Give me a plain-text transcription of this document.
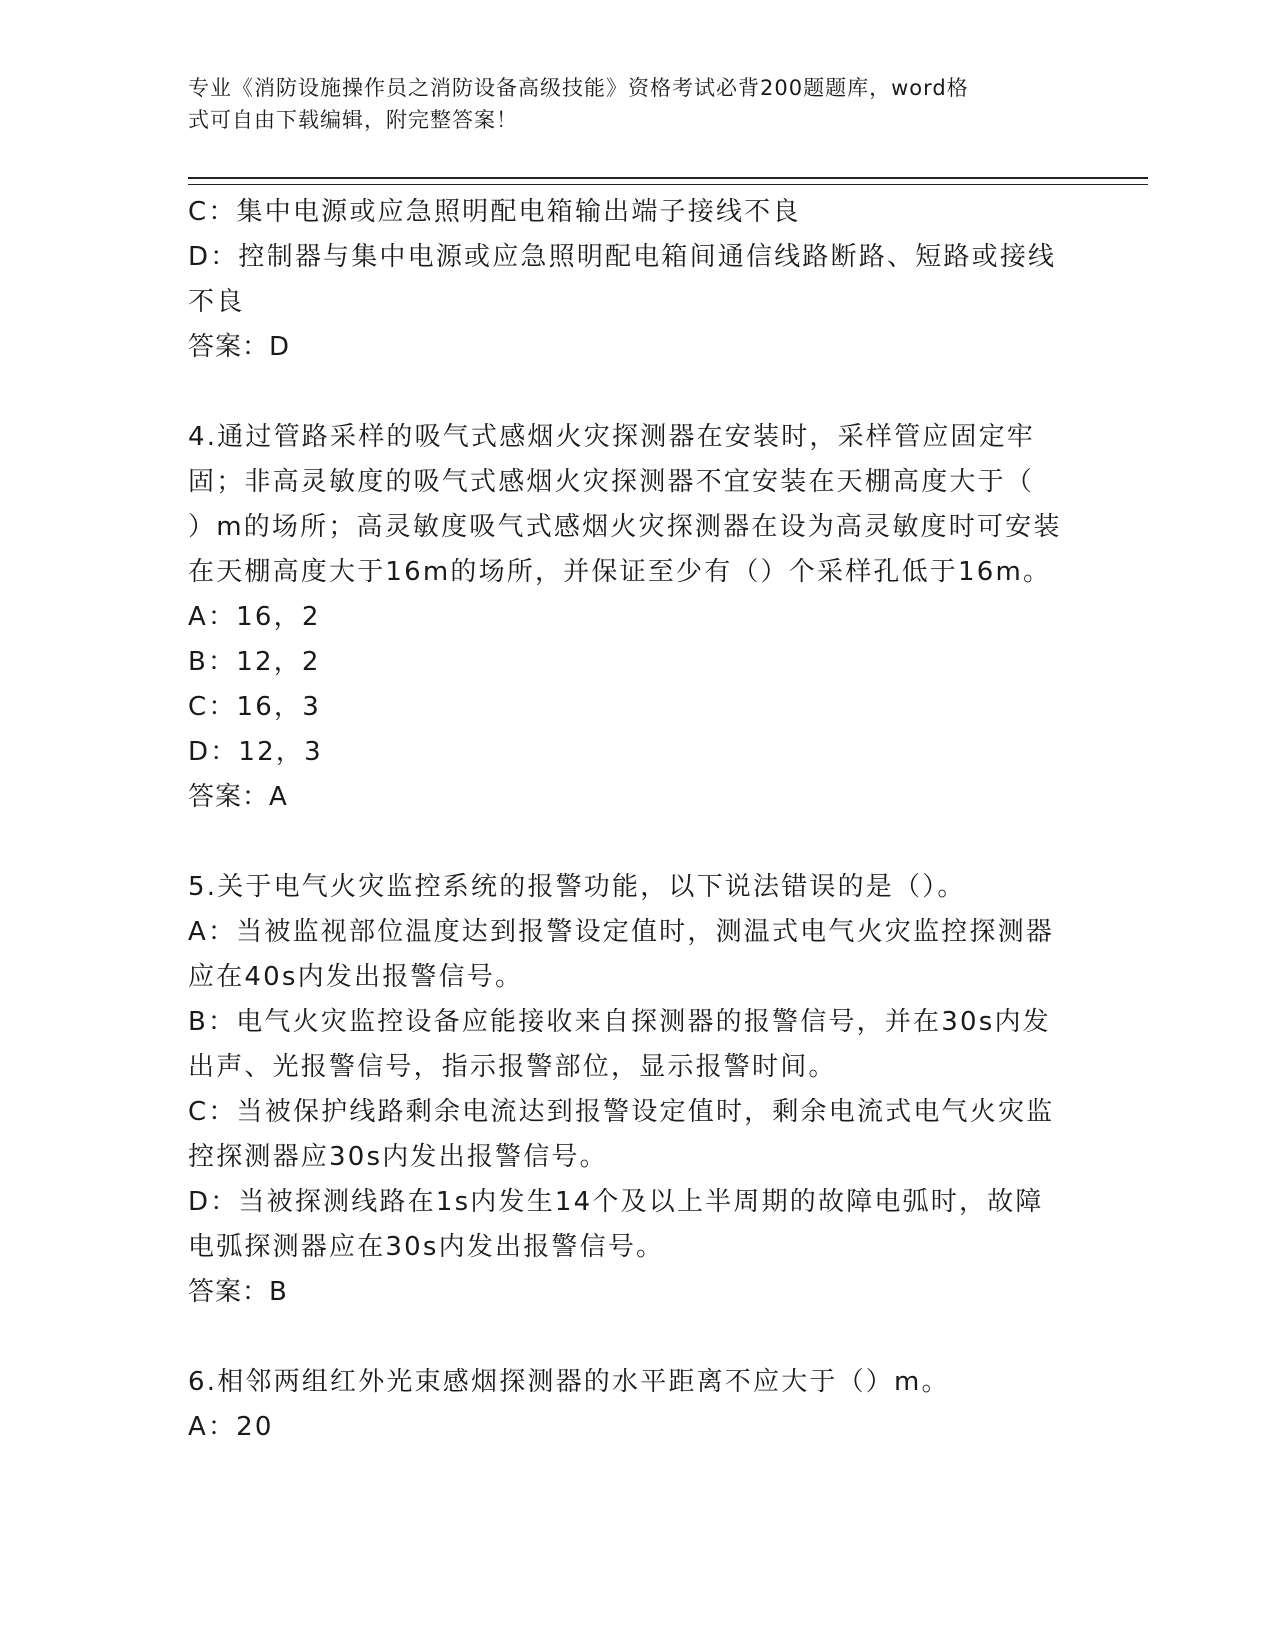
专业《消防设施操作员之消防设备高级技能》资格考试必背200题题库，word格
式可自由下载编辑，附完整答案！
C：集中电源或应急照明配电箱输出端子接线不良
D：控制器与集中电源或应急照明配电箱间通信线路断路、短路或接线
不良
答案：D
4.通过管路采样的吸气式感烟火灾探测器在安装时，采样管应固定牢
固；非高灵敏度的吸气式感烟火灾探测器不宜安装在天棚高度大于（
）m的场所；高灵敏度吸气式感烟火灾探测器在设为高灵敏度时可安装
在天棚高度大于16m的场所，并保证至少有（）个采样孔低于16m。
A：16，2
B：12，2
C：16，3
D：12，3
答案：A
5.关于电气火灾监控系统的报警功能，以下说法错误的是（）。
A：当被监视部位温度达到报警设定值时，测温式电气火灾监控探测器
应在40s内发出报警信号。
B：电气火灾监控设备应能接收来自探测器的报警信号，并在30s内发
出声、光报警信号，指示报警部位，显示报警时间。
C：当被保护线路剩余电流达到报警设定值时，剩余电流式电气火灾监
控探测器应30s内发出报警信号。
D：当被探测线路在1s内发生14个及以上半周期的故障电弧时，故障
电弧探测器应在30s内发出报警信号。
答案：B
6.相邻两组红外光束感烟探测器的水平距离不应大于（）m。
A：20
